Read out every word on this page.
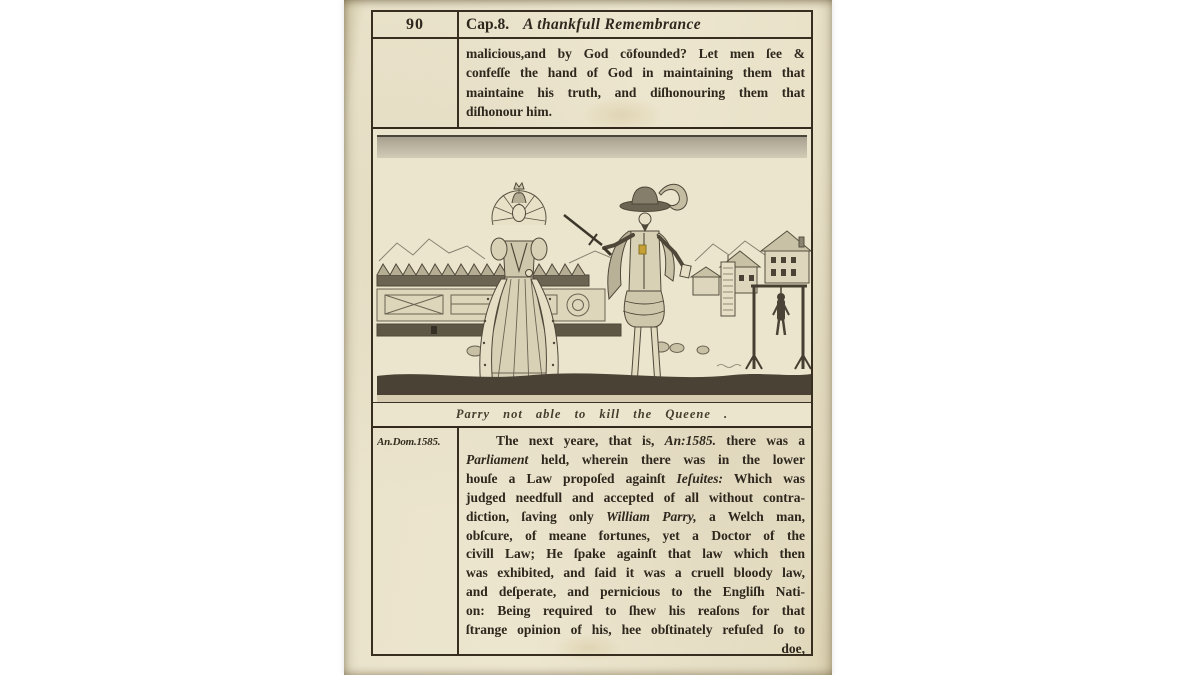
90	Cap.8. A thankfull Remembrance
malicious,and by God cōfounded? Let men ſee &
confeſſe the hand of God in maintaining them that
maintaine his truth, and diſhonouring them that
diſhonour him.
Parry not able to kill the Queene .
An.Dom.1585.	The next yeare, that is, An:1585. there was a
Parliament held, wherein there was in the lower
houſe a Law propoſed againſt Ieſuites: Which was
judged needfull and accepted of all without contra-
diction, ſaving only William Parry, a Welch man,
obſcure, of meane fortunes, yet a Doctor of the
civill Law; He ſpake againſt that law which then
was exhibited, and ſaid it was a cruell bloody law,
and deſperate, and pernicious to the Engliſh Nati-
on: Being required to ſhew his reaſons for that
ſtrange opinion of his, hee obſtinately refuſed ſo to
doe,
